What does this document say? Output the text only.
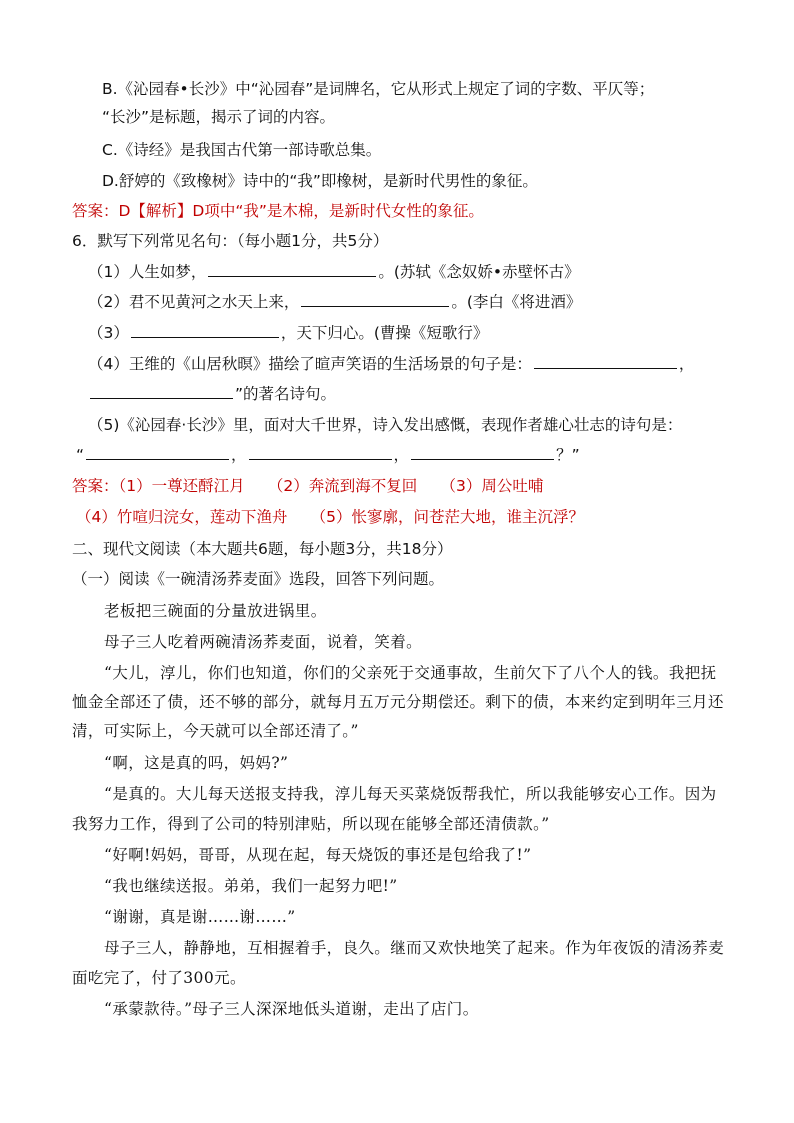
B.《沁园春•长沙》中“沁园春”是词牌名，它从形式上规定了词的字数、平仄等；
“长沙”是标题，揭示了词的内容。
C.《诗经》是我国古代第一部诗歌总集。
D.舒婷的《致橡树》诗中的“我”即橡树，是新时代男性的象征。
答案：D【解析】D项中“我”是木棉，是新时代女性的象征。
6．默写下列常见名句：（每小题1分，共5分）
（1）人生如梦，	。(苏轼《念奴娇•赤壁怀古》
（2）君不见黄河之水天上来，	。(李白《将进酒》
（3）	，天下归心。(曹操《短歌行》
（4）王维的《山居秋暝》描绘了暄声笑语的生活场景的句子是：	，
”的著名诗句。
（5)《沁园春·长沙》里，面对大千世界，诗入发出感慨，表现作者雄心壮志的诗句是：
“	，	，	？”
答案：（1）一尊还酹江月　　（2）奔流到海不复回　　（3）周公吐哺
（4）竹喧归浣女，莲动下渔舟　　（5）怅寥廓，问苍茫大地，谁主沉浮？
二、现代文阅读（本大题共6题，每小题3分，共18分）
（一）阅读《一碗清汤荞麦面》选段，回答下列问题。
老板把三碗面的分量放进锅里。
母子三人吃着两碗清汤荞麦面，说着，笑着。
“大儿，淳儿，你们也知道，你们的父亲死于交通事故，生前欠下了八个人的钱。我把抚
恤金全部还了债，还不够的部分，就每月五万元分期偿还。剩下的债，本来约定到明年三月还
清，可实际上，今天就可以全部还清了。”
“啊，这是真的吗，妈妈?”
“是真的。大儿每天送报支持我，淳儿每天买菜烧饭帮我忙，所以我能够安心工作。因为
我努力工作，得到了公司的特别津贴，所以现在能够全部还清债款。”
“好啊!妈妈，哥哥，从现在起，每天烧饭的事还是包给我了!”
“我也继续送报。弟弟，我们一起努力吧!”
“谢谢，真是谢……谢……”
母子三人，静静地，互相握着手，良久。继而又欢快地笑了起来。作为年夜饭的清汤荞麦
面吃完了，付了300元。
“承蒙款待。”母子三人深深地低头道谢，走出了店门。
